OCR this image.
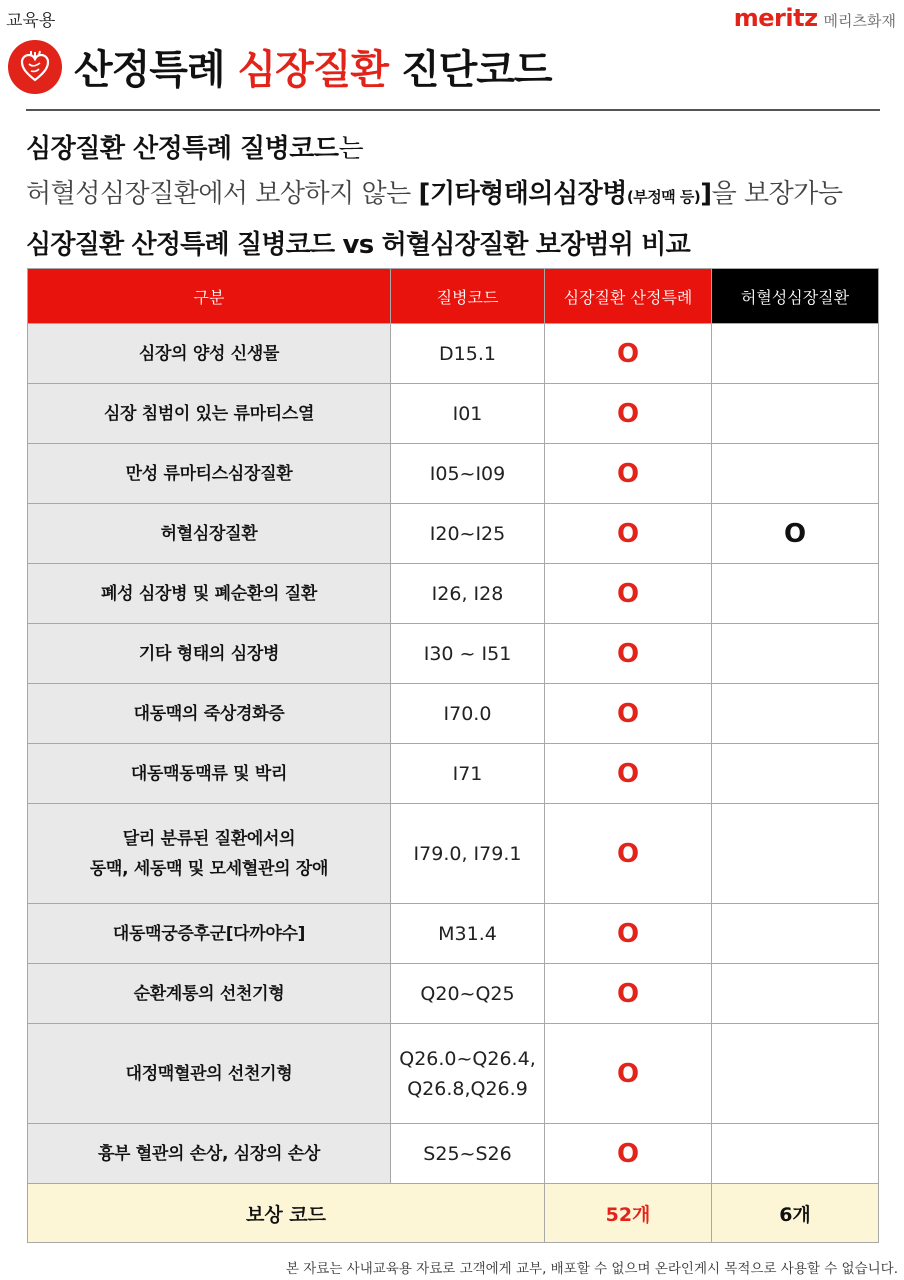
교육용	meritz 메리츠화재
산정특례 심장질환 진단코드
심장질환 산정특례 질병코드는
허혈성심장질환에서 보상하지 않는 [기타형태의심장병(부정맥 등)]을 보장가능
심장질환 산정특례 질병코드 vs 허혈심장질환 보장범위 비교
구분	질병코드	심장질환 산정특례	허혈성심장질환
심장의 양성 신생물	D15.1	O	
심장 침범이 있는 류마티스열	I01	O	
만성 류마티스심장질환	I05~I09	O	
허혈심장질환	I20~I25	O	O
폐성 심장병 및 폐순환의 질환	I26, I28	O	
기타 형태의 심장병	I30 ~ I51	O	
대동맥의 죽상경화증	I70.0	O	
대동맥동맥류 및 박리	I71	O	

달리 분류된 질환에서의
동맥, 세동맥 및 모세혈관의 장애	I79.0, I79.1	O	
대동맥궁증후군[다까야수]	M31.4	O	
순환계통의 선천기형	Q20~Q25	O	
대정맥혈관의 선천기형	Q26.0~Q26.4,
Q26.8,Q26.9	O	
흉부 혈관의 손상, 심장의 손상	S25~S26	O	
보상 코드		52개	6개
본 자료는 사내교육용 자료로 고객에게 교부, 배포할 수 없으며 온라인게시 목적으로 사용할 수 없습니다.
